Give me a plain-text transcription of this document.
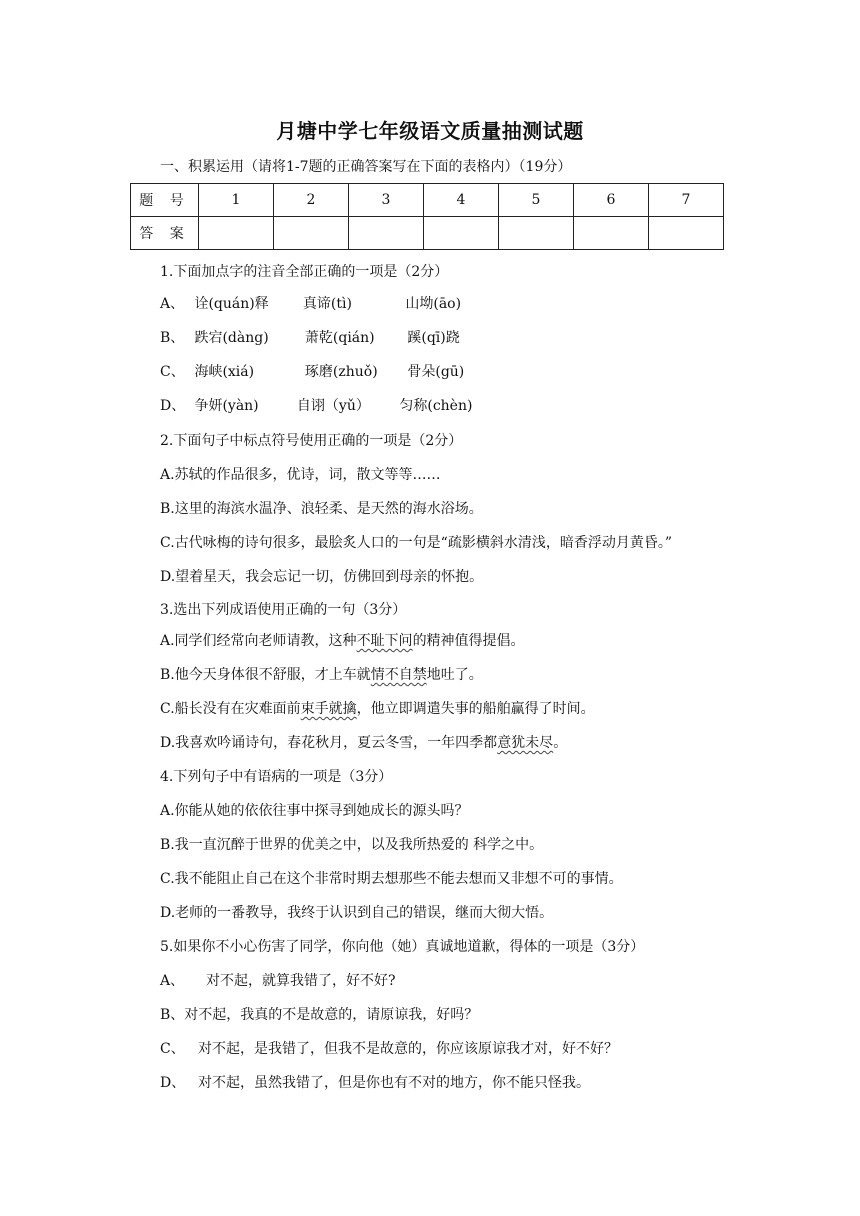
月塘中学七年级语文质量抽测试题
一、积累运用（请将1-7题的正确答案写在下面的表格内）（19分）
题 号	1	2	3	4	5	6	7
答 案							
1.下面加点字的注音全部正确的一项是（2分）
A、 诠(quán)释 真谛(tì)	山坳(āo)
B、 跌宕(dàng)	萧乾(qián) 蹊(qī)跷
C、 海峡(xiá)	琢磨(zhuǒ) 骨朵(gū)
D、 争妍(yàn)	自诩（yǔ） 匀称(chèn)
2.下面句子中标点符号使用正确的一项是（2分）
A.苏轼的作品很多，优诗，词，散文等等……
B.这里的海滨水温净、浪轻柔、是天然的海水浴场。
C.古代咏梅的诗句很多，最脍炙人口的一句是“疏影横斜水清浅，暗香浮动月黄昏。”
D.望着星天，我会忘记一切，仿佛回到母亲的怀抱。
3.选出下列成语使用正确的一句（3分）
A.同学们经常向老师请教，这种不耻下问的精神值得提倡。
B.他今天身体很不舒服，才上车就情不自禁地吐了。
C.船长没有在灾难面前束手就擒，他立即调遣失事的船舶赢得了时间。
D.我喜欢吟诵诗句，春花秋月，夏云冬雪，一年四季都意犹未尽。
4.下列句子中有语病的一项是（3分）
A.你能从她的依依往事中探寻到她成长的源头吗？
B.我一直沉醉于世界的优美之中，以及我所热爱的 科学之中。
C.我不能阻止自己在这个非常时期去想那些不能去想而又非想不可的事情。
D.老师的一番教导，我终于认识到自己的错误，继而大彻大悟。
5.如果你不小心伤害了同学，你向他（她）真诚地道歉，得体的一项是（3分）
A、 对不起，就算我错了，好不好?
B、对不起，我真的不是故意的，请原谅我，好吗？
C、 对不起，是我错了，但我不是故意的，你应该原谅我才对，好不好？
D、 对不起，虽然我错了，但是你也有不对的地方，你不能只怪我。
